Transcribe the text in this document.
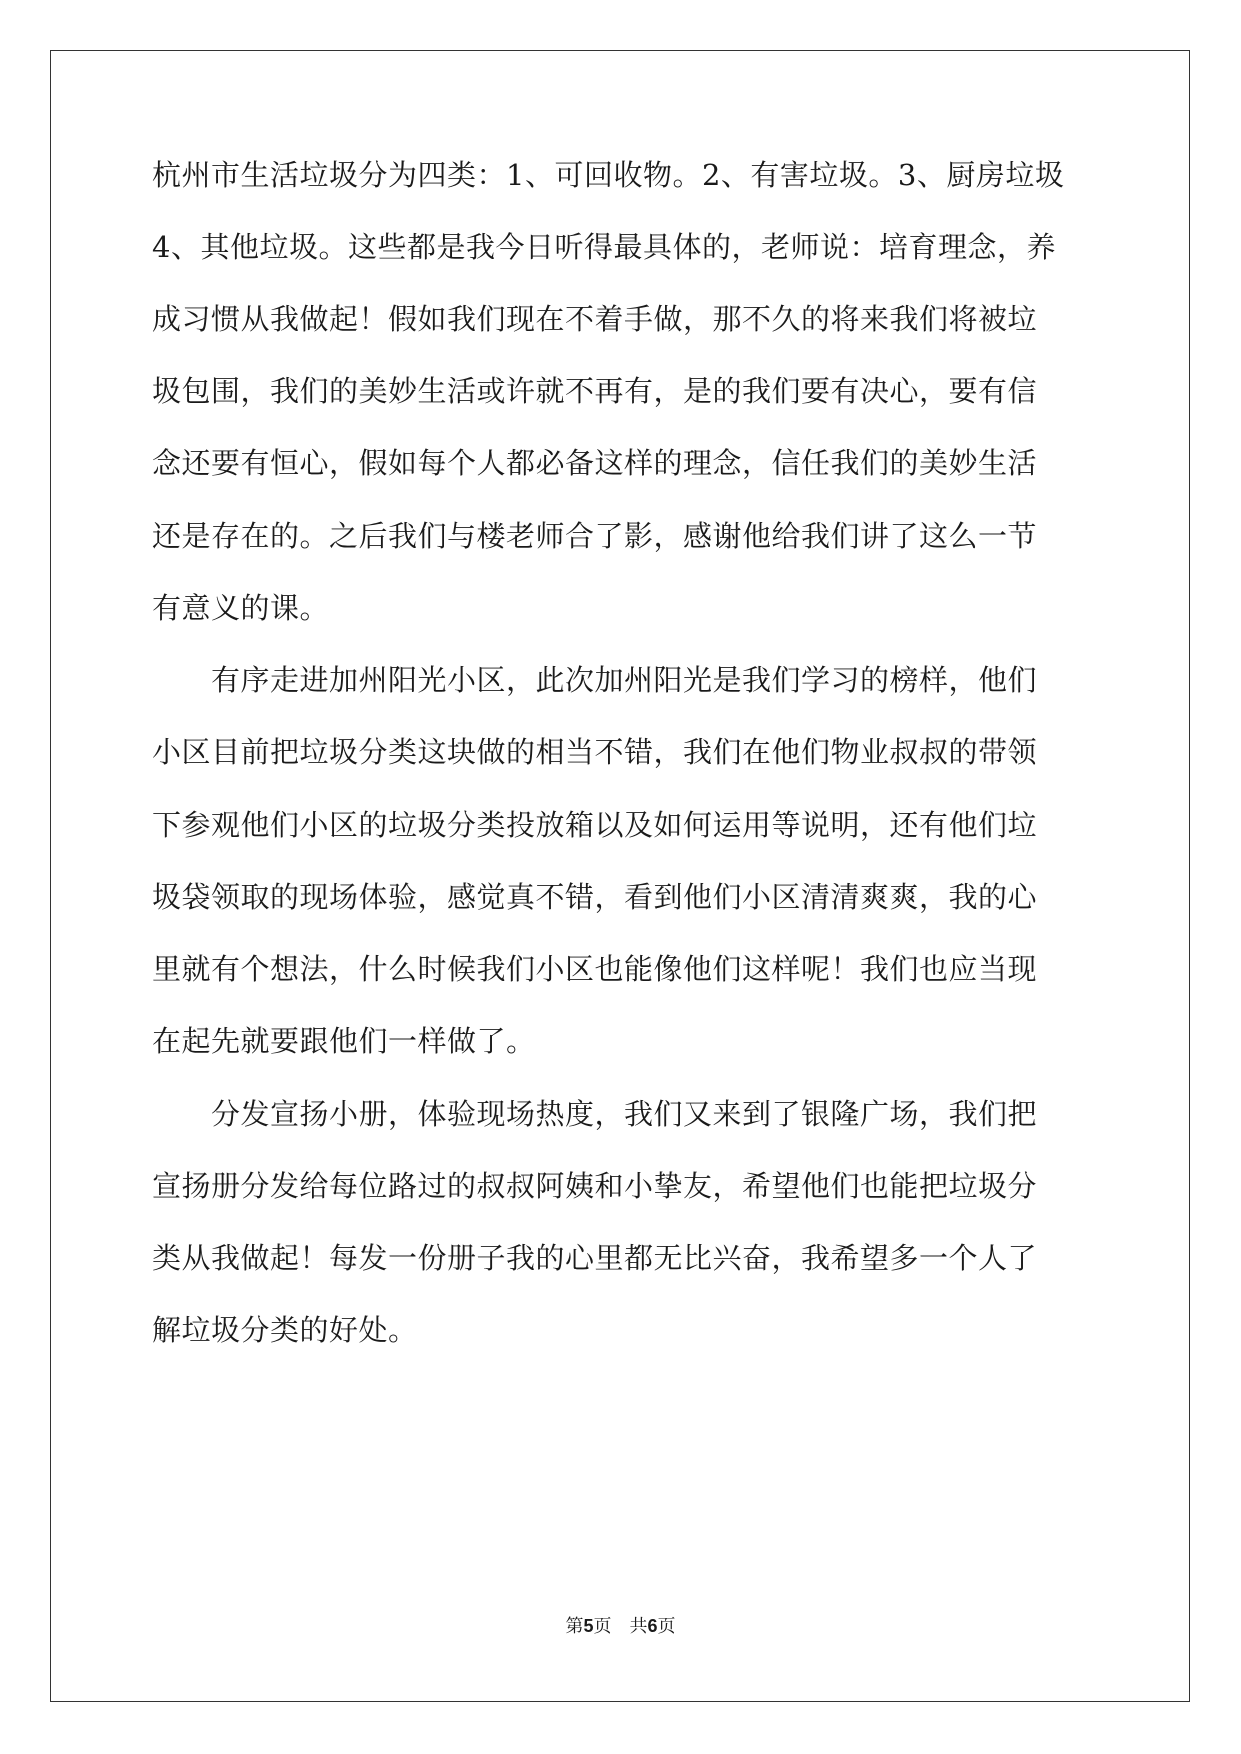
杭州市生活垃圾分为四类：1、可回收物。2、有害垃圾。3、厨房垃圾
4、其他垃圾。这些都是我今日听得最具体的，老师说：培育理念，养
成习惯从我做起！假如我们现在不着手做，那不久的将来我们将被垃
圾包围，我们的美妙生活或许就不再有，是的我们要有决心，要有信
念还要有恒心，假如每个人都必备这样的理念，信任我们的美妙生活
还是存在的。之后我们与楼老师合了影，感谢他给我们讲了这么一节
有意义的课。
　　有序走进加州阳光小区，此次加州阳光是我们学习的榜样，他们
小区目前把垃圾分类这块做的相当不错，我们在他们物业叔叔的带领
下参观他们小区的垃圾分类投放箱以及如何运用等说明，还有他们垃
圾袋领取的现场体验，感觉真不错，看到他们小区清清爽爽，我的心
里就有个想法，什么时候我们小区也能像他们这样呢！我们也应当现
在起先就要跟他们一样做了。
　　分发宣扬小册，体验现场热度，我们又来到了银隆广场，我们把
宣扬册分发给每位路过的叔叔阿姨和小挚友，希望他们也能把垃圾分
类从我做起！每发一份册子我的心里都无比兴奋，我希望多一个人了
解垃圾分类的好处。
第5页　共6页
